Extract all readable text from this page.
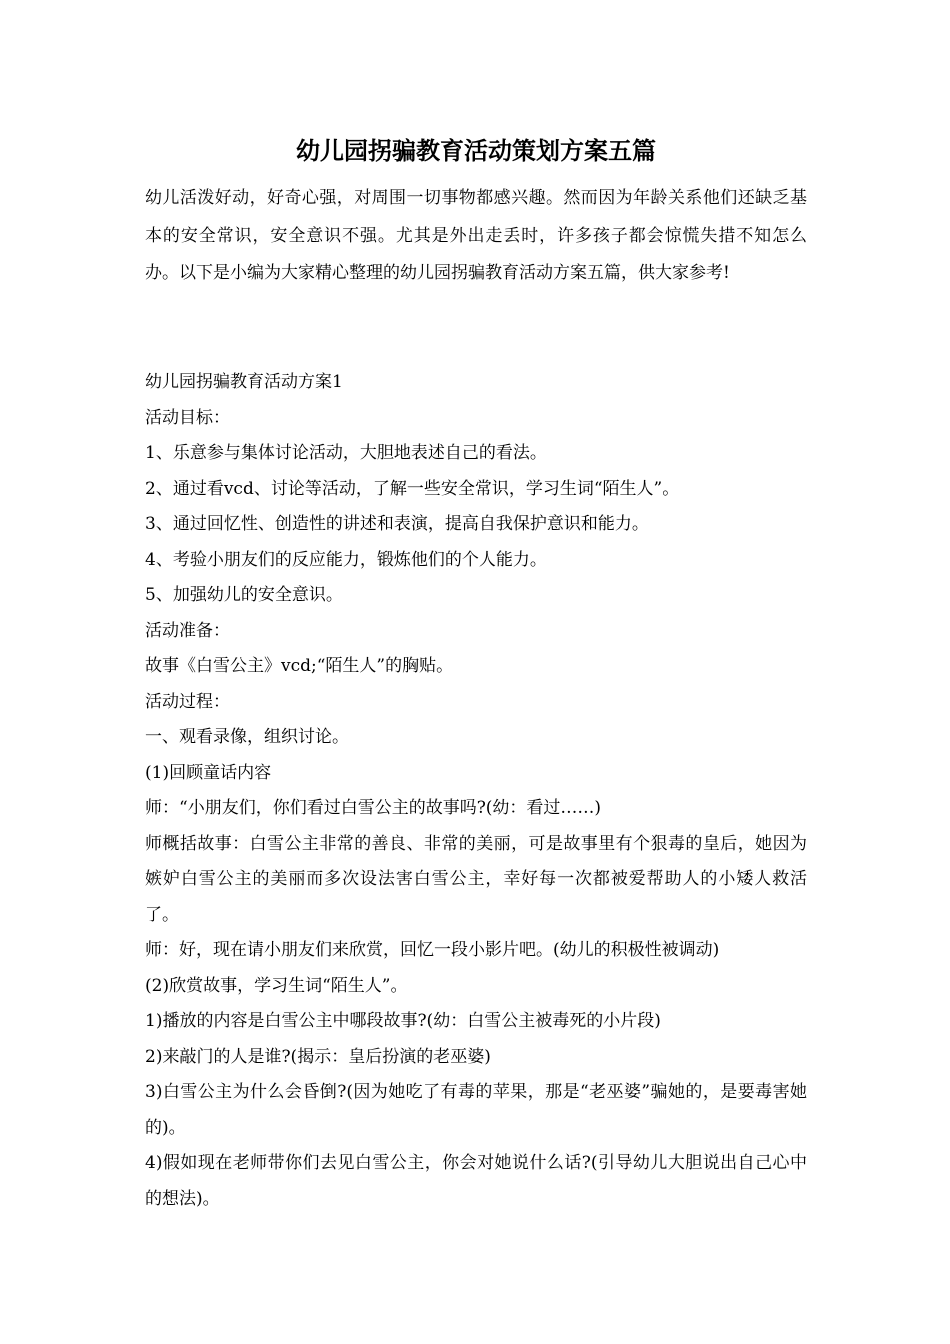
幼儿园拐骗教育活动策划方案五篇

幼儿活泼好动，好奇心强，对周围一切事物都感兴趣。然而因为年龄关系他们还缺乏基本的安全常识，安全意识不强。尤其是外出走丢时，许多孩子都会惊慌失措不知怎么办。以下是小编为大家精心整理的幼儿园拐骗教育活动方案五篇，供大家参考!

幼儿园拐骗教育活动方案1

活动目标：

1、乐意参与集体讨论活动，大胆地表述自己的看法。

2、通过看vcd、讨论等活动，了解一些安全常识，学习生词“陌生人”。

3、通过回忆性、创造性的讲述和表演，提高自我保护意识和能力。

4、考验小朋友们的反应能力，锻炼他们的个人能力。

5、加强幼儿的安全意识。

活动准备：

故事《白雪公主》vcd;“陌生人”的胸贴。

活动过程：

一、观看录像，组织讨论。

(1)回顾童话内容

师：“小朋友们，你们看过白雪公主的故事吗?(幼：看过……)

师概括故事：白雪公主非常的善良、非常的美丽，可是故事里有个狠毒的皇后，她因为嫉妒白雪公主的美丽而多次设法害白雪公主，幸好每一次都被爱帮助人的小矮人救活了。

师：好，现在请小朋友们来欣赏，回忆一段小影片吧。(幼儿的积极性被调动)

(2)欣赏故事，学习生词“陌生人”。

1)播放的内容是白雪公主中哪段故事?(幼：白雪公主被毒死的小片段)

2)来敲门的人是谁?(揭示：皇后扮演的老巫婆)

3)白雪公主为什么会昏倒?(因为她吃了有毒的苹果，那是“老巫婆”骗她的，是要毒害她的)。

4)假如现在老师带你们去见白雪公主，你会对她说什么话?(引导幼儿大胆说出自己心中的想法)。
